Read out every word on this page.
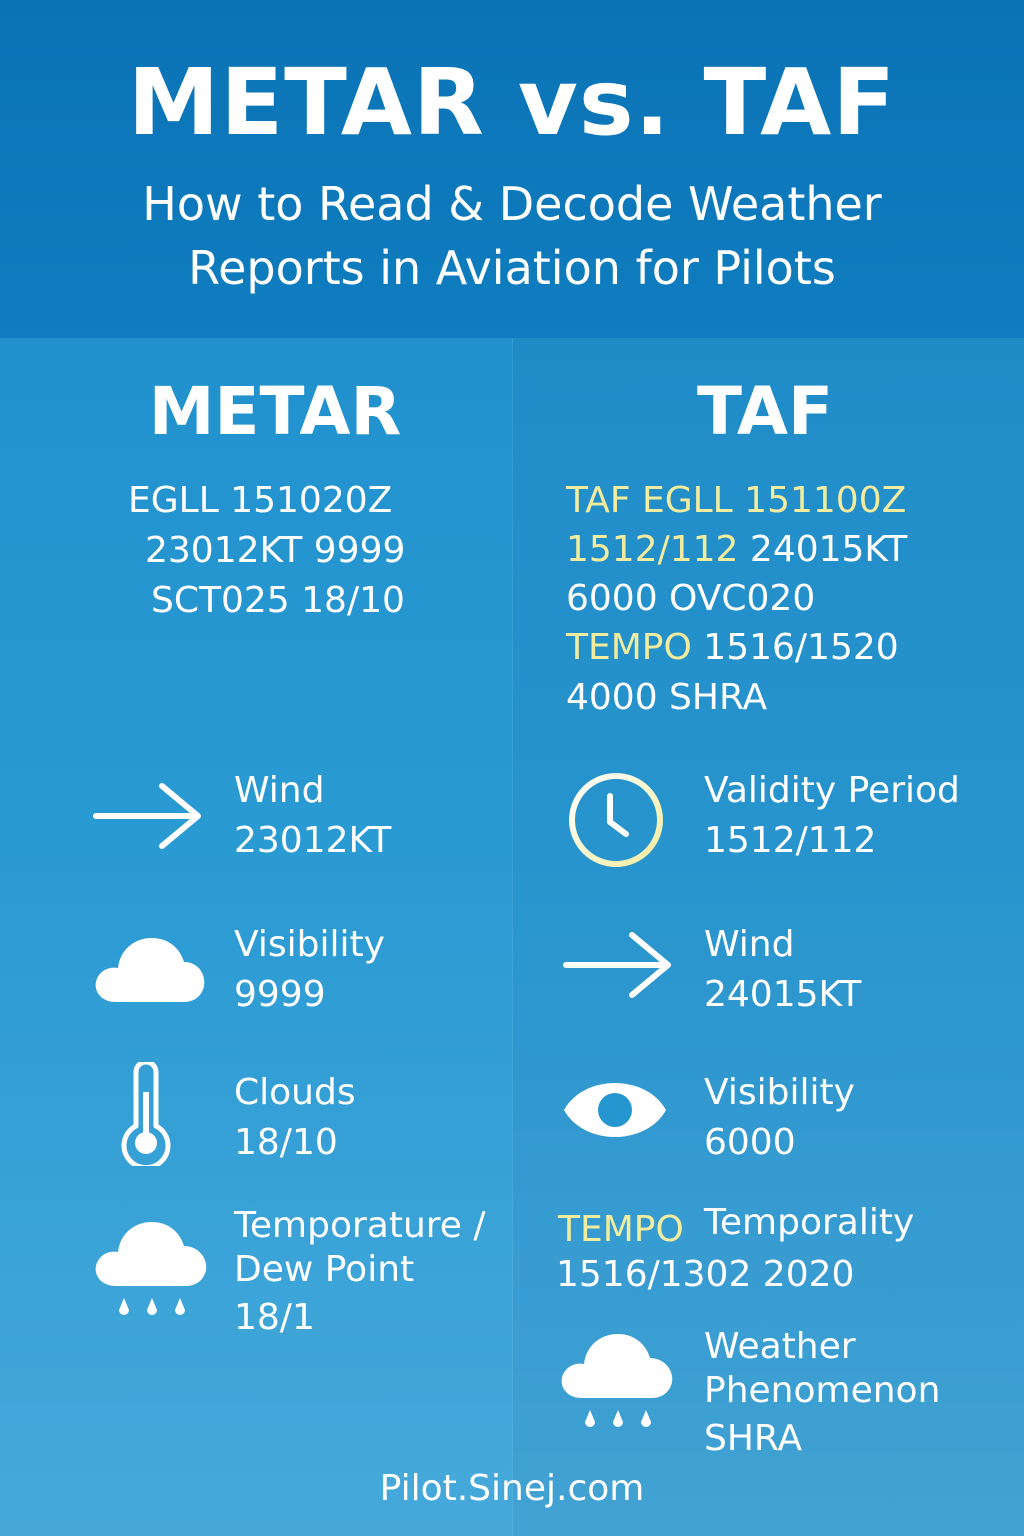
METAR vs. TAF
How to Read & Decode Weather
Reports in Aviation for Pilots
METAR
EGLL 151020Z
23012KT 9999
SCT025 18/10
Wind
23012KT
Visibility
9999
Clouds
18/10
Temporature /
Dew Point
18/1
TAF
TAF EGLL 151100Z
1512/112 24015KT
6000 OVC020
TEMPO 1516/1520
4000 SHRA
Validity Period
1512/112
Wind
24015KT
Visibility
6000
TEMPO Temporality
1516/1302 2020
Weather
Phenomenon
SHRA
Pilot.Sinej.com
